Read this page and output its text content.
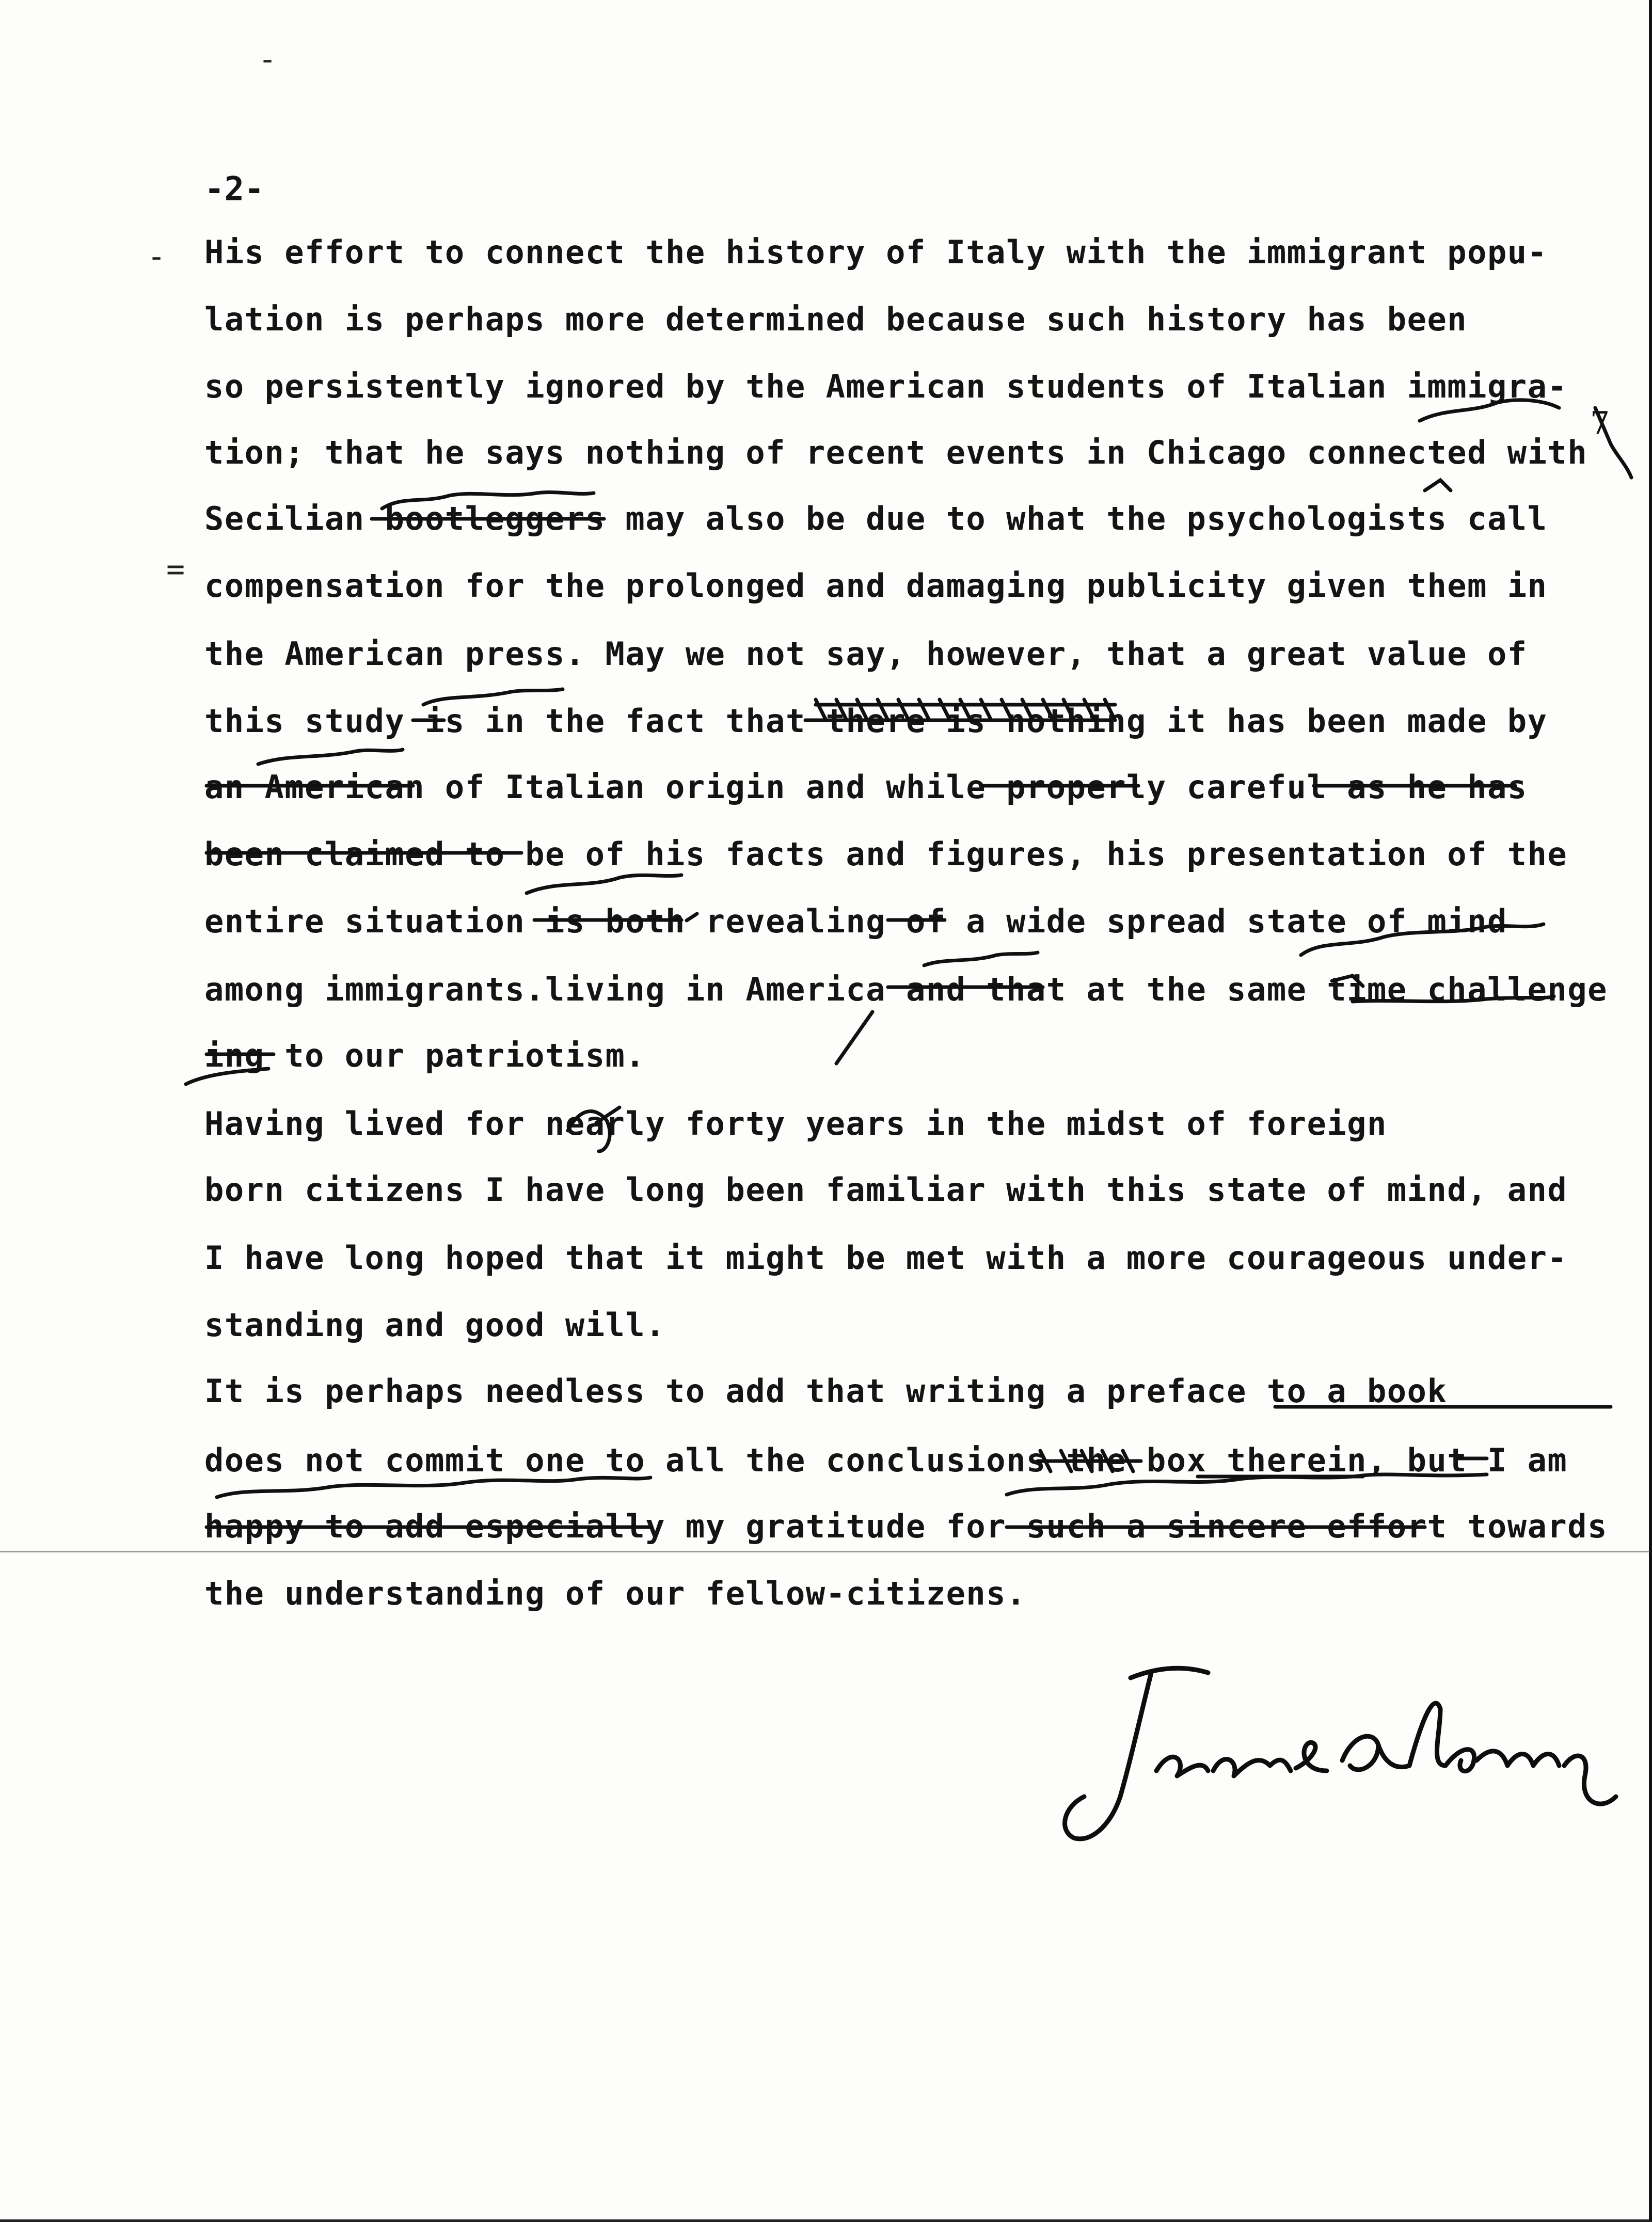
-2-
-
=
-
His effort to connect the history of Italy with the immigrant popu-
lation is perhaps more determined because such history has been
so persistently ignored by the American students of Italian immigra-
tion; that he says nothing of recent events in Chicago connected with
Secilian bootleggers may also be due to what the psychologists call
compensation for the prolonged and damaging publicity given them in
the American press. May we not say, however, that a great value of
this study is in the fact that there is nothing it has been made by
an American of Italian origin and while properly careful as he has
been claimed to be of his facts and figures, his presentation of the
entire situation is both revealing of a wide spread state of mind
among immigrants.living in America and that at the same time challenge
ing to our patriotism.
Having lived for nearly forty years in the midst of foreign
born citizens I have long been familiar with this state of mind, and
I have long hoped that it might be met with a more courageous under-
standing and good will.
It is perhaps needless to add that writing a preface to a book
does not commit one to all the conclusions the box therein, but I am
happy to add especially my gratitude for such a sincere effort towards
the understanding of our fellow-citizens.
7
Jane Addams
